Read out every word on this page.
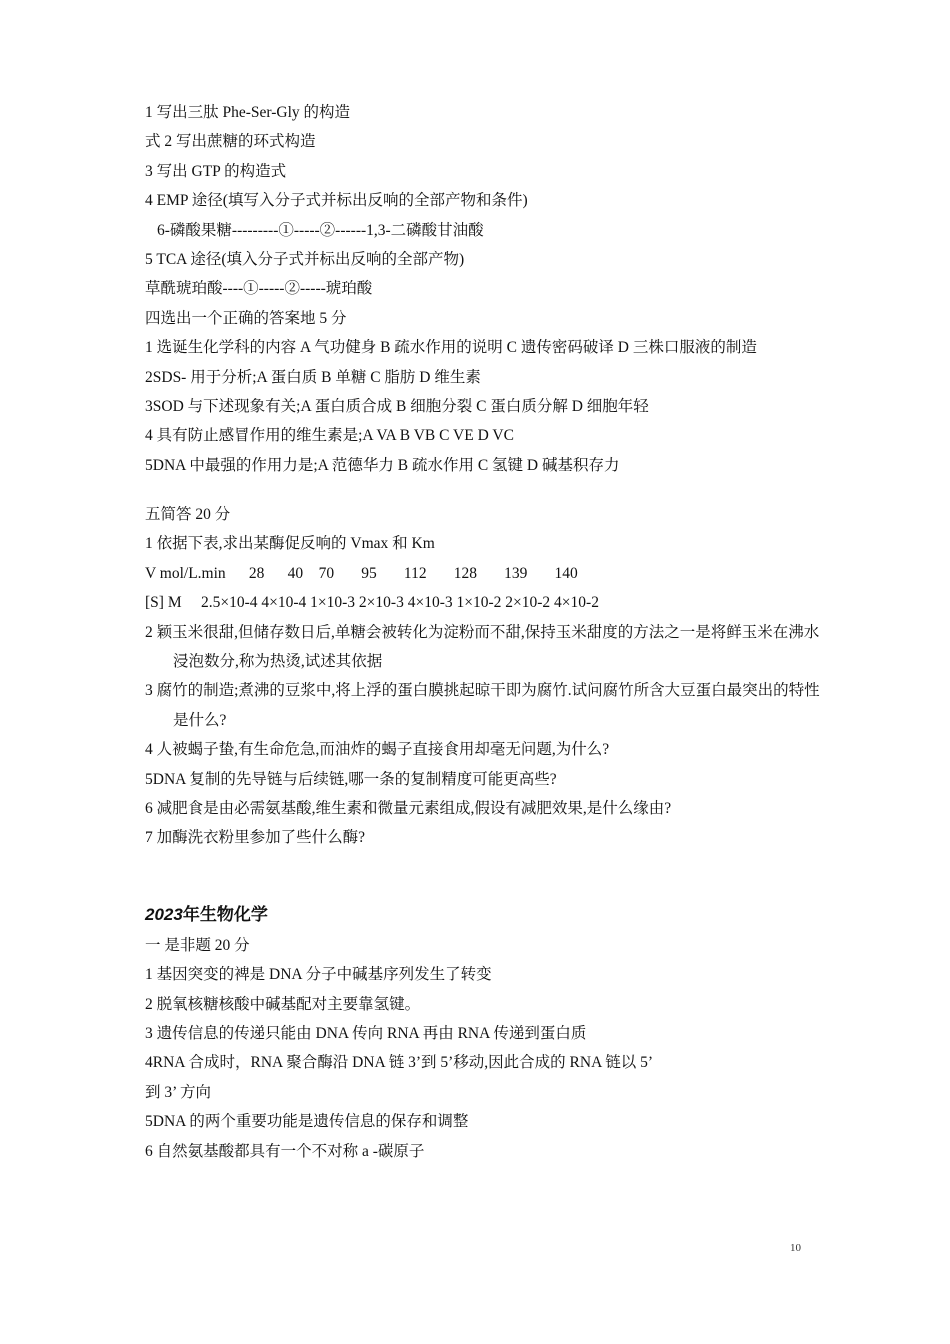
1 写出三肽 Phe-Ser-Gly 的构造
式 2 写出蔗糖的环式构造
3 写出 GTP 的构造式
4 EMP 途径(填写入分子式并标出反响的全部产物和条件)
6-磷酸果糖---------①-----②------1,3-二磷酸甘油酸
5 TCA 途径(填入分子式并标出反响的全部产物)
草酰琥珀酸----①-----②-----琥珀酸
四选出一个正确的答案地 5 分
1 选诞生化学科的内容 A 气功健身 B 疏水作用的说明 C 遗传密码破译 D 三株口服液的制造
2SDS- 用于分析;A 蛋白质 B 单糖 C 脂肪 D 维生素
3SOD 与下述现象有关;A 蛋白质合成 B 细胞分裂 C 蛋白质分解 D 细胞年轻
4 具有防止感冒作用的维生素是;A VA B VB C VE D VC
5DNA 中最强的作用力是;A 范德华力 B 疏水作用 C 氢键 D 碱基积存力
五简答 20 分
1 依据下表,求出某酶促反响的 Vmax 和 Km
V mol/L.min      28      40    70       95       112       128       139       140
[S] M     2.5×10-4 4×10-4 1×10-3 2×10-3 4×10-3 1×10-2 2×10-2 4×10-2
2 颖玉米很甜,但储存数日后,单糖会被转化为淀粉而不甜,保持玉米甜度的方法之一是将鲜玉米在沸水浸泡数分,称为热烫,试述其依据
3 腐竹的制造;煮沸的豆浆中,将上浮的蛋白膜挑起晾干即为腐竹.试问腐竹所含大豆蛋白最突出的特性是什么?
4 人被蝎子蛰,有生命危急,而油炸的蝎子直接食用却毫无问题,为什么?
5DNA 复制的先导链与后续链,哪一条的复制精度可能更高些?
6 减肥食是由必需氨基酸,维生素和微量元素组成,假设有减肥效果,是什么缘由?
7 加酶洗衣粉里参加了些什么酶?
2023年生物化学
一 是非题 20 分
1 基因突变的裨是 DNA 分子中碱基序列发生了转变
2 脱氧核糖核酸中碱基配对主要靠氢键。
3 遗传信息的传递只能由 DNA 传向 RNA 再由 RNA 传递到蛋白质
4RNA 合成时，RNA 聚合酶沿 DNA 链 3’到 5’移动,因此合成的 RNA 链以 5’
到 3’ 方向
5DNA 的两个重要功能是遗传信息的保存和调整
6 自然氨基酸都具有一个不对称 a -碳原子
10
